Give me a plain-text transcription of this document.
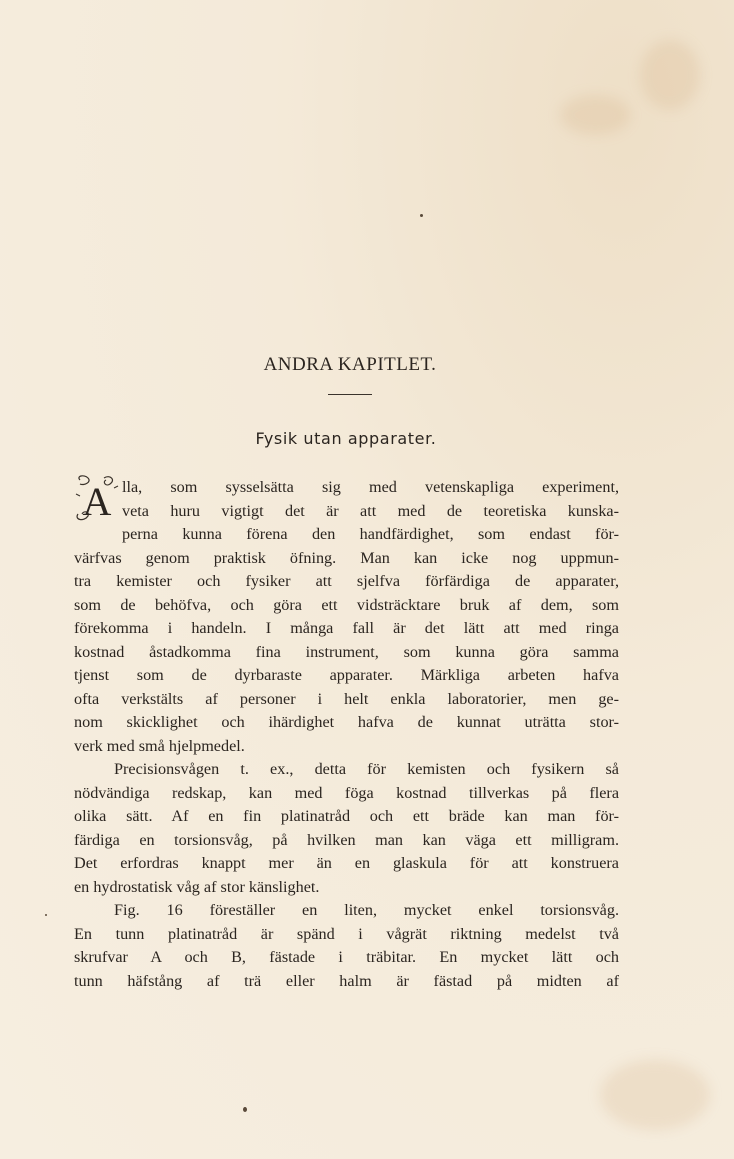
ANDRA KAPITLET.
Fysik utan apparater.
A lla, som sysselsätta sig med vetenskapliga experiment,
veta huru vigtigt det är att med de teoretiska kunska-
perna kunna förena den handfärdighet, som endast för-
värfvas genom praktisk öfning. Man kan icke nog uppmun-
tra kemister och fysiker att sjelfva förfärdiga de apparater,
som de behöfva, och göra ett vidsträcktare bruk af dem, som
förekomma i handeln. I många fall är det lätt att med ringa
kostnad åstadkomma fina instrument, som kunna göra samma
tjenst som de dyrbaraste apparater. Märkliga arbeten hafva
ofta verkstälts af personer i helt enkla laboratorier, men ge-
nom skicklighet och ihärdighet hafva de kunnat uträtta stor-
verk med små hjelpmedel.
Precisionsvågen t. ex., detta för kemisten och fysikern så
nödvändiga redskap, kan med föga kostnad tillverkas på flera
olika sätt. Af en fin platinatråd och ett bräde kan man för-
färdiga en torsionsvåg, på hvilken man kan väga ett milligram.
Det erfordras knappt mer än en glaskula för att konstruera
en hydrostatisk våg af stor känslighet.
Fig. 16 föreställer en liten, mycket enkel torsionsvåg.
En tunn platinatråd är spänd i vågrät riktning medelst två
skrufvar A och B, fästade i träbitar. En mycket lätt och
tunn häfstång af trä eller halm är fästad på midten af
